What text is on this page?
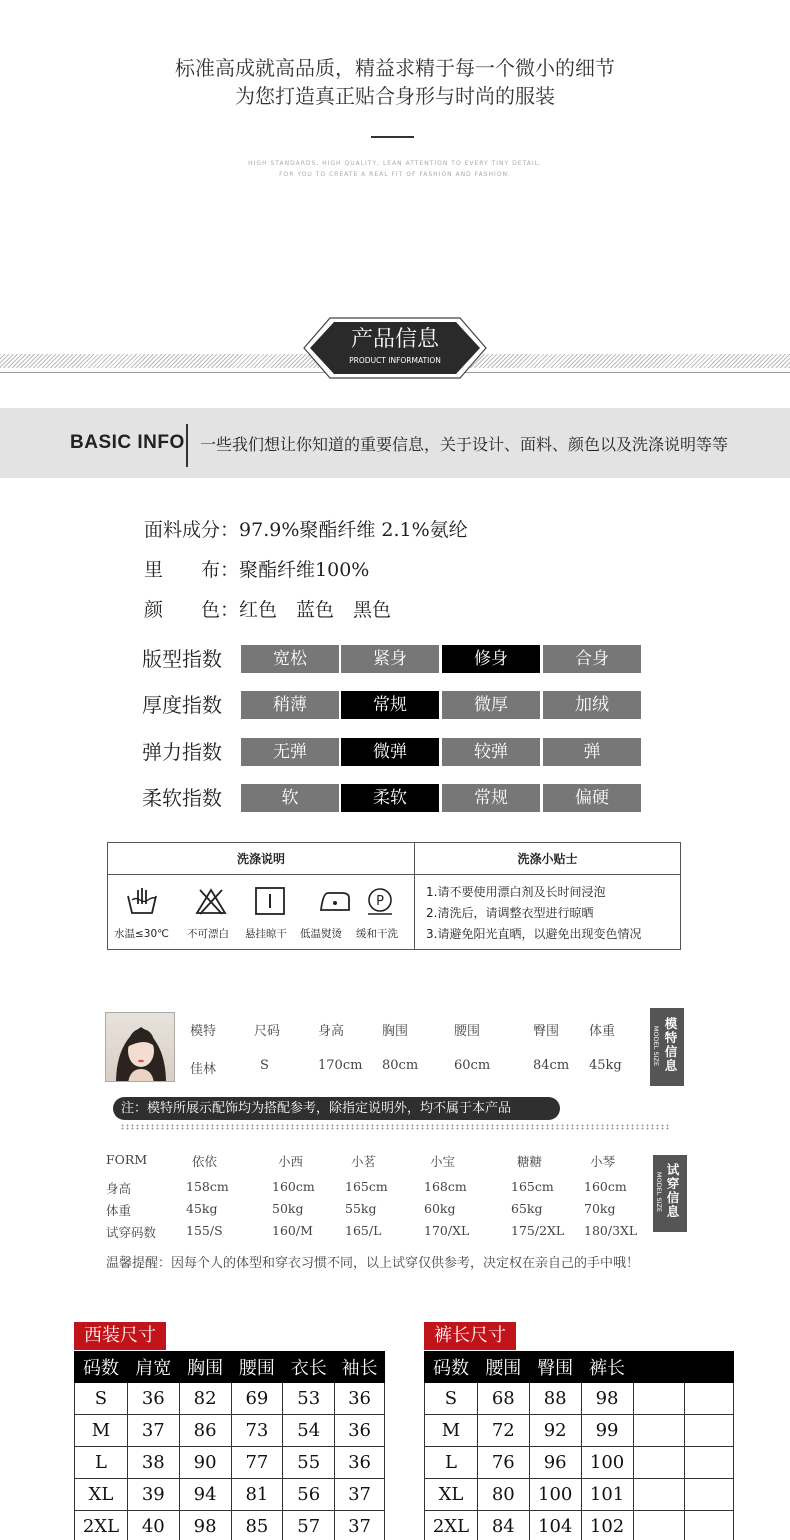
标准高成就高品质，精益求精于每一个微小的细节
为您打造真正贴合身形与时尚的服装
HIGH STANDARDS, HIGH QUALITY, LEAN ATTENTION TO EVERY TINY DETAIL.
FOR YOU TO CREATE A REAL FIT OF FASHION AND FASHION.
产品信息
PRODUCT INFORMATION
BASIC INFO 一些我们想让你知道的重要信息，关于设计、面料、颜色以及洗涤说明等等
面料成分：97.9%聚酯纤维 2.1%氨纶
里　　布：聚酯纤维100%
颜　　色：红色　蓝色　黑色
版型指数	宽松	紧身	修身	合身
厚度指数	稍薄	常规	微厚	加绒
弹力指数	无弹	微弹	较弹	弹
柔软指数	软	柔软	常规	偏硬
洗涤说明	洗涤小贴士
P
水温≤30℃ 不可漂白 悬挂晾干 低温熨烫 缓和干洗
1.请不要使用漂白剂及长时间浸泡
2.清洗后，请调整衣型进行晾晒
3.请避免阳光直晒，以避免出现变色情况
模特	尺码	身高	胸围	腰围	臀围 体重
佳林	S	170cm 80cm	60cm	84cm 45kg
模特信息
MODEL SIZE
注：模特所展示配饰均为搭配参考，除指定说明外，均不属于本产品
FORM	依依	小西	小茗	小宝	糖糖	小琴
身高	158cm	160cm 165cm	168cm	165cm 160cm
体重	45kg	50kg	55kg	60kg	65kg	70kg
试穿码数 155/S	160/M	165/L	170/XL	175/2XL 180/3XL
试穿信息
MODEL SIZE
温馨提醒：因每个人的体型和穿衣习惯不同，以上试穿仅供参考，决定权在亲自己的手中哦！
西装尺寸
码数	肩宽	胸围	腰围	衣长	袖长
S	36	82	69	53	36
M	37	86	73	54	36
L	38	90	77	55	36
XL	39	94	81	56	37
2XL	40	98	85	57	37
裤长尺寸
码数	腰围	臀围	裤长		
S	68	88	98		
M	72	92	99		
L	76	96	100		
XL	80	100	101		
2XL	84	104	102		
